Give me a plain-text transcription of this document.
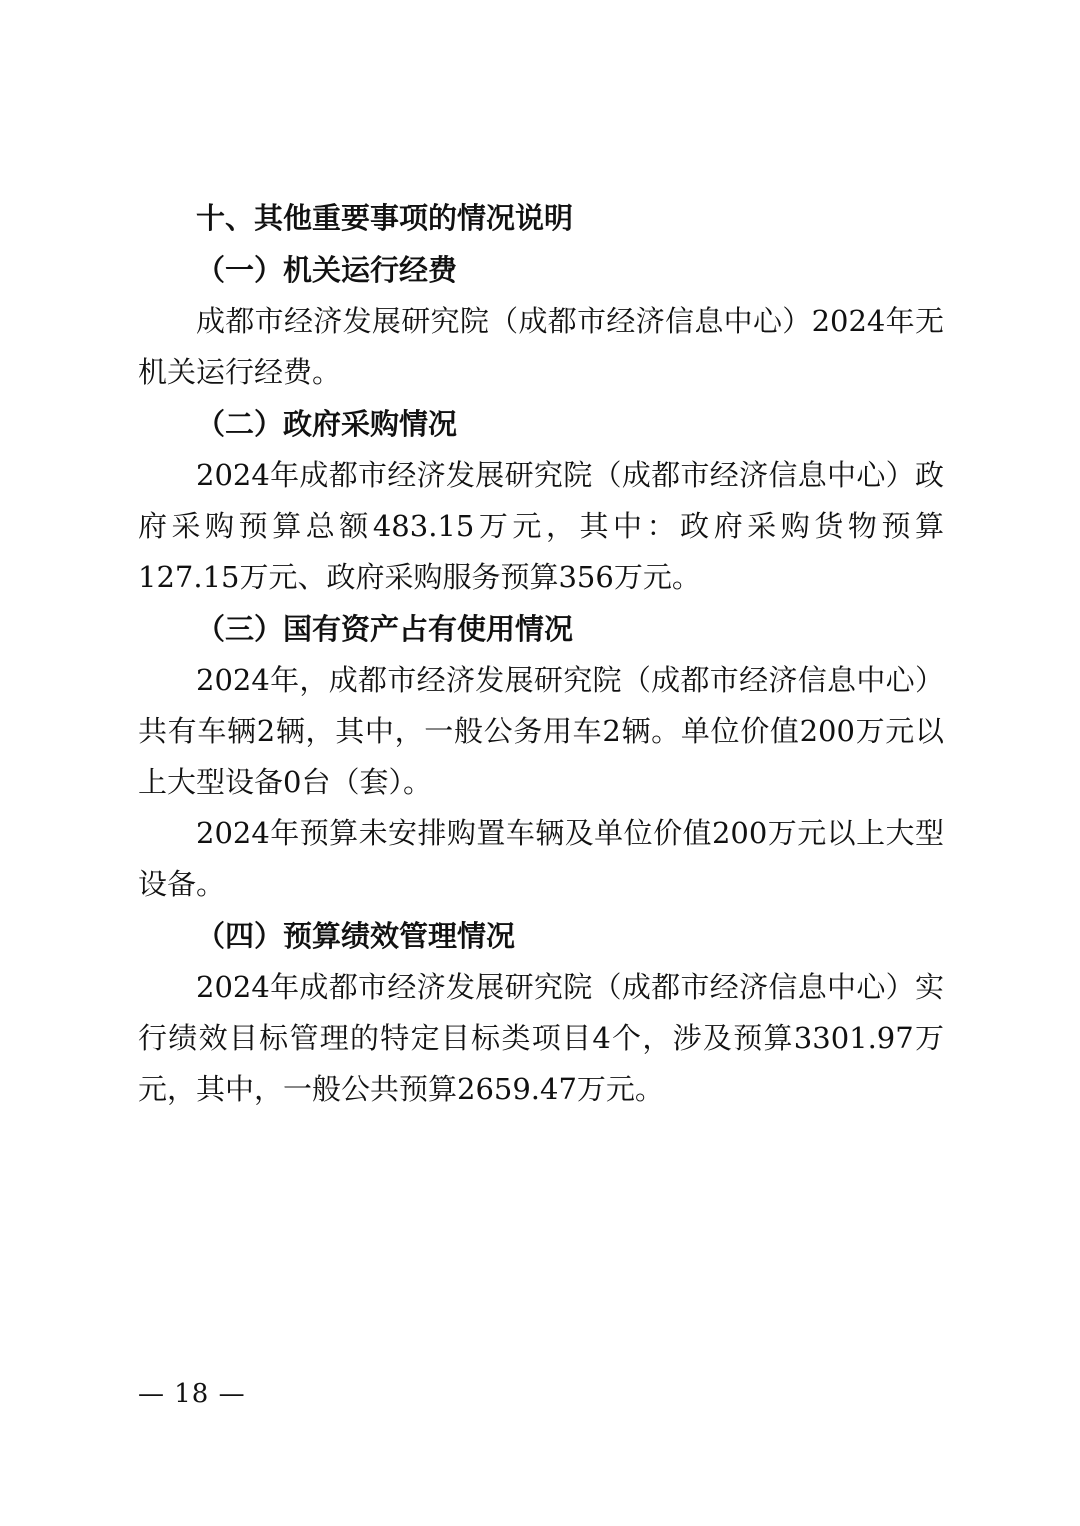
十、其他重要事项的情况说明
（一）机关运行经费

成都市经济发展研究院（成都市经济信息中心）2024年无机关运行经费。

（二）政府采购情况

2024年成都市经济发展研究院（成都市经济信息中心）政府采购预算总额483.15万元，其中：政府采购货物预算127.15万元、政府采购服务预算356万元。

（三）国有资产占有使用情况

2024年，成都市经济发展研究院（成都市经济信息中心）共有车辆2辆，其中，一般公务用车2辆。单位价值200万元以上大型设备0台（套）。

2024年预算未安排购置车辆及单位价值200万元以上大型设备。

（四）预算绩效管理情况

2024年成都市经济发展研究院（成都市经济信息中心）实行绩效目标管理的特定目标类项目4个，涉及预算3301.97万元，其中，一般公共预算2659.47万元。

— 18 —
